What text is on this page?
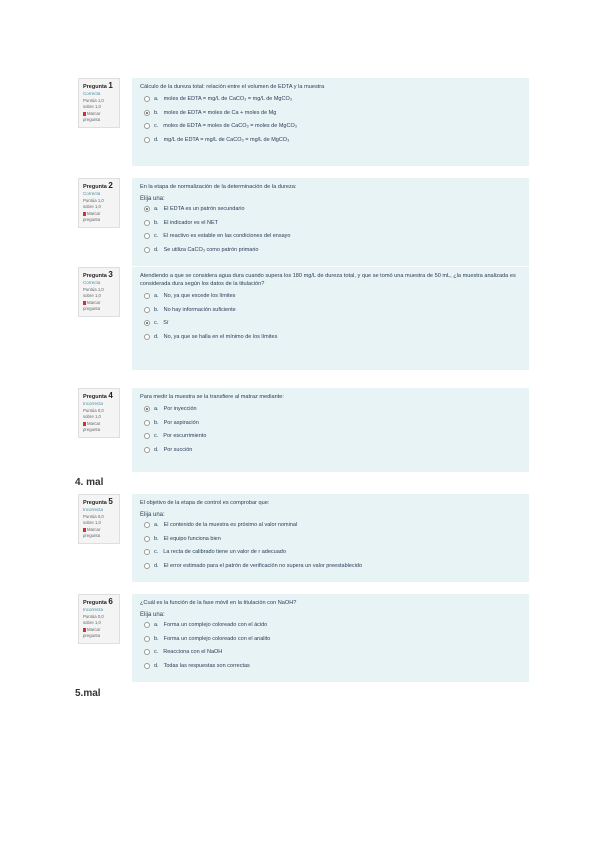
Pregunta 1
Correcta
Puntúa 1,0 sobre 1,0
Marcar pregunta

Cálculo de la dureza total: relación entre el volumen de EDTA y la muestra

a. moles de EDTA = mg/L de CaCO₃ = mg/L de MgCO₃
b. moles de EDTA = moles de Ca + moles de Mg
c. moles de EDTA = moles de CaCO₃ = moles de MgCO₃
d. mg/L de EDTA = mg/L de CaCO₃ = mg/L de MgCO₃
Pregunta 2
Correcta
Puntúa 1,0 sobre 1,0
Marcar pregunta

En la etapa de normalización de la determinación de la dureza:

Elija una:
a. El EDTA es un patrón secundario
b. El indicador es el NET
c. El reactivo es estable en las condiciones del ensayo
d. Se utiliza CaCO₃ como patrón primario
Pregunta 3
Correcta
Puntúa 1,0 sobre 1,0
Marcar pregunta

Atendiendo a que se considera agua dura cuando supera los 180 mg/L de dureza total, y que se tomó una muestra de 50 mL, ¿la muestra analizada es considerada dura según los datos de la titulación?

a. No, ya que excede los límites
b. No hay información suficiente
c. Sí
d. No, ya que se halla en el mínimo de los límites
Pregunta 4
Incorrecta
Puntúa 0,0 sobre 1,0
Marcar pregunta

Para medir la muestra se la transfiere al matraz mediante:

a. Por inyección
b. Por aspiración
c. Por escurrimiento
d. Por succión
4. mal
Pregunta 5
Incorrecta
Puntúa 0,0 sobre 1,0
Marcar pregunta

El objetivo de la etapa de control es comprobar que:

Elija una:
a. El contenido de la muestra es próximo al valor nominal
b. El equipo funciona bien
c. La recta de calibrado tiene un valor de r adecuado
d. El error estimado para el patrón de verificación no supera un valor preestablecido
Pregunta 6
Incorrecta
Puntúa 0,0 sobre 1,0
Marcar pregunta

¿Cuál es la función de la fase móvil en la titulación con NaOH?

Elija una:
a. Forma un complejo coloreado con el ácido
b. Forma un complejo coloreado con el analito
c. Reacciona con el NaOH
d. Todas las respuestas son correctas
5.mal
